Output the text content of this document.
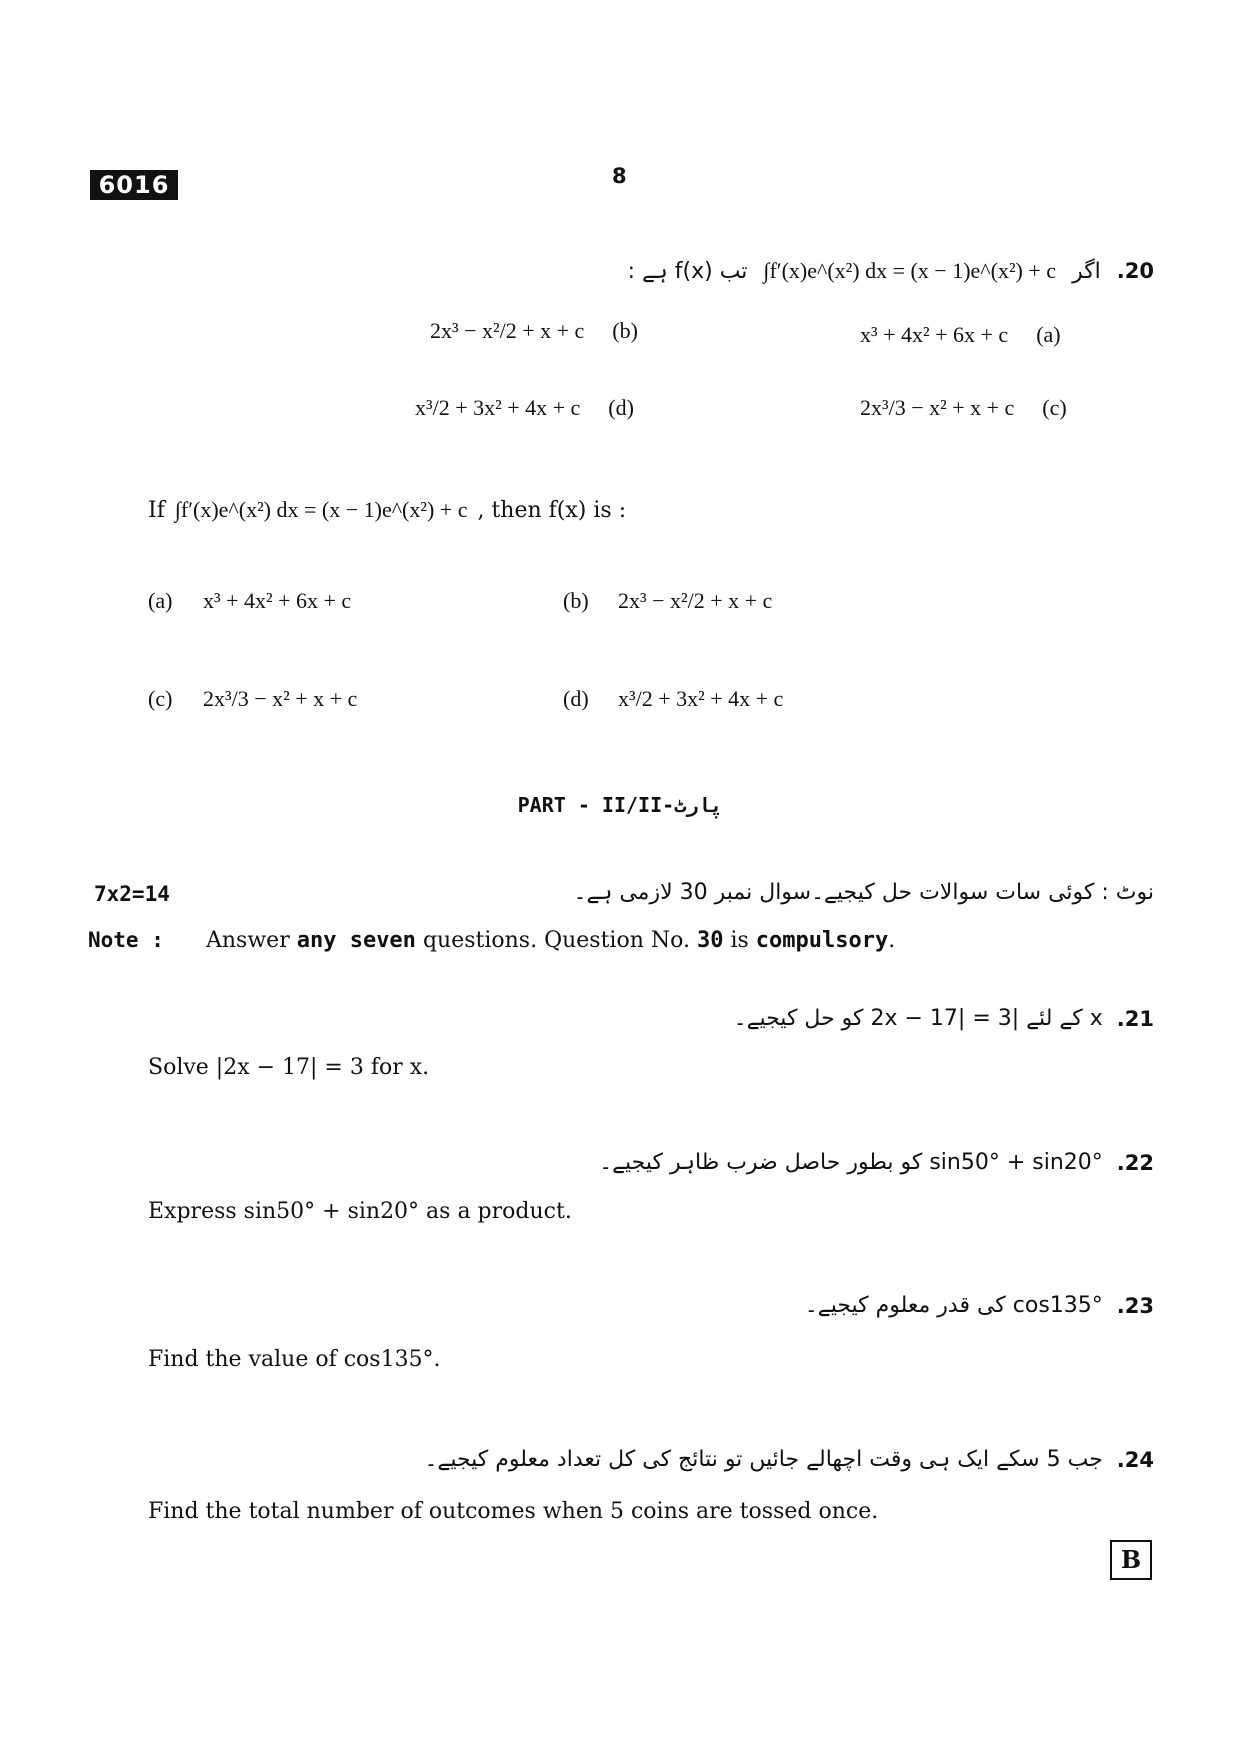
6016	8
تب f(x) ہے : ∫f′(x)e^(x²) dx = (x − 1)e^(x²) + c اگر .20
2x³ − x²/2 + x + c (b)	x³ + 4x² + 6x + c (a)
x³/2 + 3x² + 4x + c (d)	2x³/3 − x² + x + c (c)
If ∫f′(x)e^(x²) dx = (x − 1)e^(x²) + c , then f(x) is :
(a)	x³ + 4x² + 6x + c	(b)	2x³ − x²/2 + x + c
(c)	2x³/3 − x² + x + c	(d)	x³/2 + 3x² + 4x + c
PART - II/II-پارٹ
7x2=14	نوٹ : کوئی سات سوالات حل کیجیے۔سوال نمبر 30 لازمی ہے۔
Note :	Answer
any seven
questions. Question No.
30
is
compulsory .
x کے لئے |2x − 17| = 3 کو حل کیجیے۔ .21
Solve |2x − 17| = 3 for x.
sin50° + sin20° کو بطور حاصل ضرب ظاہر کیجیے۔ .22
Express sin50° + sin20° as a product.
cos135° کی قدر معلوم کیجیے۔ .23
Find the value of cos135°.
جب 5 سکے ایک ہی وقت اچھالے جائیں تو نتائج کی کل تعداد معلوم کیجیے۔ .24
Find the total number of outcomes when 5 coins are tossed once.
B
